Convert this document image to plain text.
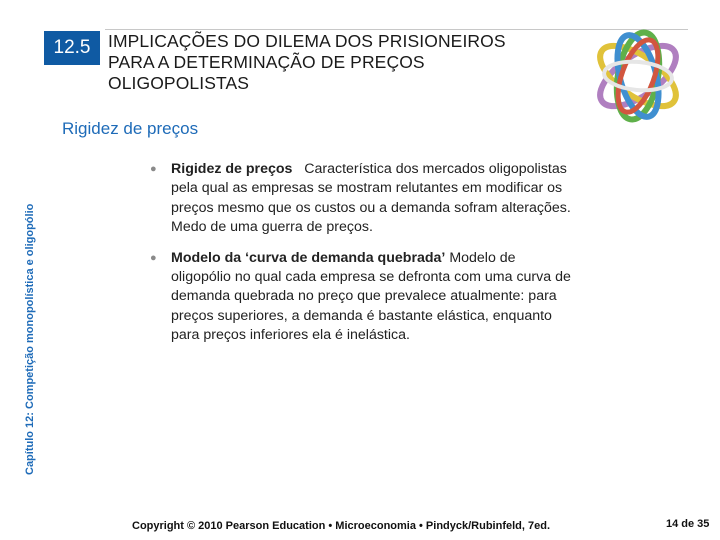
12.5	IMPLICAÇÕES DO DILEMA DOS PRISIONEIROS
PARA A DETERMINAÇÃO DE PREÇOS
OLIGOPOLISTAS
Rigidez de preços
Capítulo 12: Competição monopolística e oligopólio
● Rigidez de preços Característica dos mercados oligopolistas pela qual as empresas se mostram relutantes em modificar os preços mesmo que os custos ou a demanda sofram alterações. Medo de uma guerra de preços.
● Modelo da ‘curva de demanda quebrada’ Modelo de oligopólio no qual cada empresa se defronta com uma curva de demanda quebrada no preço que prevalece atualmente: para preços superiores, a demanda é bastante elástica, enquanto para preços inferiores ela é inelástica.
Copyright © 2010 Pearson Education • Microeconomia • Pindyck/Rubinfeld, 7ed.	14 de 35
